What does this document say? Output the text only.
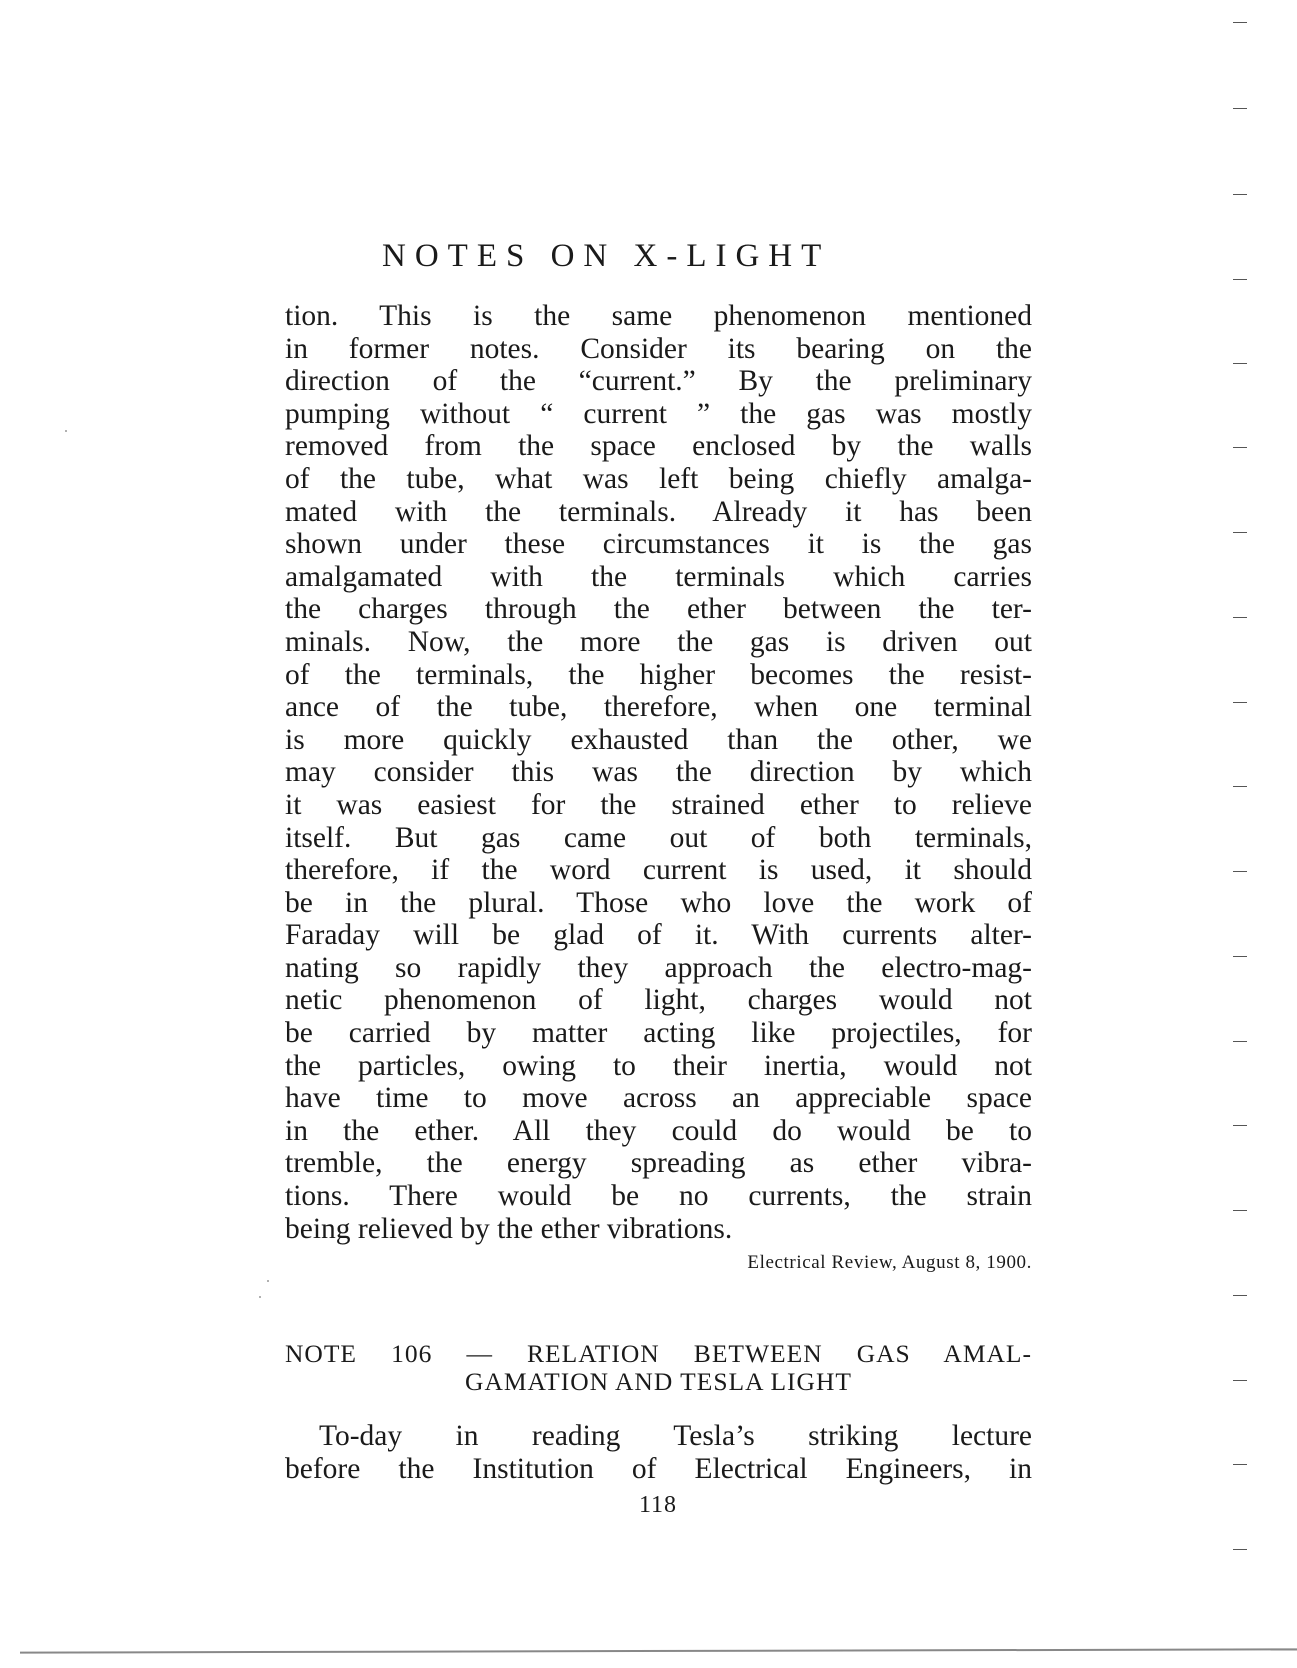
NOTES ON X-LIGHT
tion. This is the same phenomenon mentioned
in former notes. Consider its bearing on the
direction of the “current.” By the preliminary
pumping without “ current ” the gas was mostly
removed from the space enclosed by the walls
of the tube, what was left being chiefly amalga-
mated with the terminals. Already it has been
shown under these circumstances it is the gas
amalgamated with the terminals which carries
the charges through the ether between the ter-
minals. Now, the more the gas is driven out
of the terminals, the higher becomes the resist-
ance of the tube, therefore, when one terminal
is more quickly exhausted than the other, we
may consider this was the direction by which
it was easiest for the strained ether to relieve
itself. But gas came out of both terminals,
therefore, if the word current is used, it should
be in the plural. Those who love the work of
Faraday will be glad of it. With currents alter-
nating so rapidly they approach the electro-mag-
netic phenomenon of light, charges would not
be carried by matter acting like projectiles, for
the particles, owing to their inertia, would not
have time to move across an appreciable space
in the ether. All they could do would be to
tremble, the energy spreading as ether vibra-
tions. There would be no currents, the strain
being relieved by the ether vibrations.
Electrical Review, August 8, 1900.
NOTE 106 — RELATION BETWEEN GAS AMAL-
GAMATION AND TESLA LIGHT
To-day in reading Tesla’s striking lecture
before the Institution of Electrical Engineers, in
118
